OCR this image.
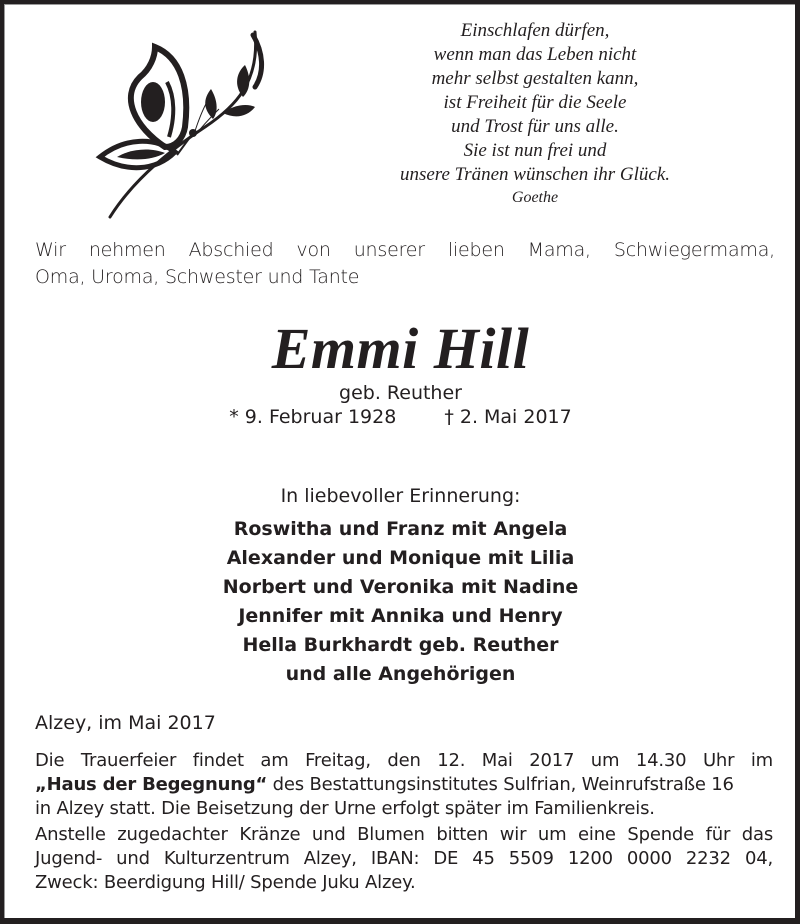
Einschlafen dürfen,
wenn man das Leben nicht
mehr selbst gestalten kann,
ist Freiheit für die Seele
und Trost für uns alle.
Sie ist nun frei und
unsere Tränen wünschen ihr Glück.
Goethe
Wir nehmen Abschied von unserer lieben Mama, Schwiegermama,
Oma, Uroma, Schwester und Tante
Emmi Hill
geb. Reuther
* 9. Februar 1928	† 2. Mai 2017
In liebevoller Erinnerung:
Roswitha und Franz mit Angela
Alexander und Monique mit Lilia
Norbert und Veronika mit Nadine
Jennifer mit Annika und Henry
Hella Burkhardt geb. Reuther
und alle Angehörigen
Alzey, im Mai 2017
Die Trauerfeier findet am Freitag, den 12. Mai 2017 um 14.30 Uhr im
„Haus der Begegnung“ des Bestattungsinstitutes Sulfrian, Weinrufstraße 16
in Alzey statt. Die Beisetzung der Urne erfolgt später im Familienkreis.
Anstelle zugedachter Kränze und Blumen bitten wir um eine Spende für das
Jugend- und Kulturzentrum Alzey, IBAN: DE 45 5509 1200 0000 2232 04,
Zweck: Beerdigung Hill/ Spende Juku Alzey.
